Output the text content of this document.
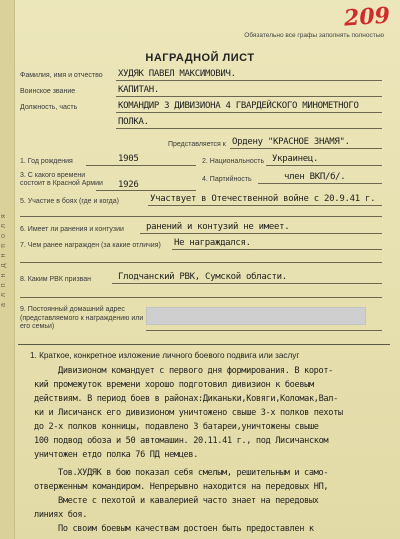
а л п н д н п о л я
209
Обязательно все графы заполнять полностью
НАГРАДНОЙ ЛИСТ
Фамилия, имя и отчество ХУДЯК ПАВЕЛ МАКСИМОВИЧ.
Воинское звание	КАПИТАН.
Должность, часть	КОМАНДИР 3 ДИВИЗИОНА 4 ГВАРДЕЙСКОГО МИНОМЕТНОГО
ПОЛКА.
Представляется к Ордену "КРАСНОЕ ЗНАМЯ".
1. Год рождения	1905	2. Национальность Украинец.
3. С какого времени состоит в Красной Армии	1926
4. Партийность	член ВКП/б/.
5. Участие в боях (где и когда)	Участвует в Отечественной войне с 20.9.41 г.
6. Имеет ли ранения и контузии ранений и контузий не имеет.
7. Чем ранее награжден (за какие отличия) Не награждался.
8. Каким РВК призван	Глодчанский РВК, Сумской области.
9. Постоянный домашний адрес (представляемого к награждению или его семьи)
1. Краткое, конкретное изложение личного боевого подвига или заслуг
Дивизионом командует с первого дня формирования. В корот-
кий промежуток времени хорошо подготовил дивизион к боевым
действиям. В период боев в районах:Диканьки,Ковяги,Коломак,Вал-
ки и Лисичанск его дивизионом уничтожено свыше 3-х полков пехоты
до 2-х полков конницы, подавлено 3 батареи,уничтожены свыше
100 подвод обоза и 50 автомашин. 20.11.41 г., под Лисичанском
уничтожен етдо полка 76 ПД немцев.
Тов.ХУДЯК в бою показал себя смелым, решительным и само-
отверженным командиром. Непрерывно находится на передовых НП,
Вместе с пехотой и кавалерией часто знает на передовых
линиях боя.
По своим боевым качествам достоен быть предоставлен к
